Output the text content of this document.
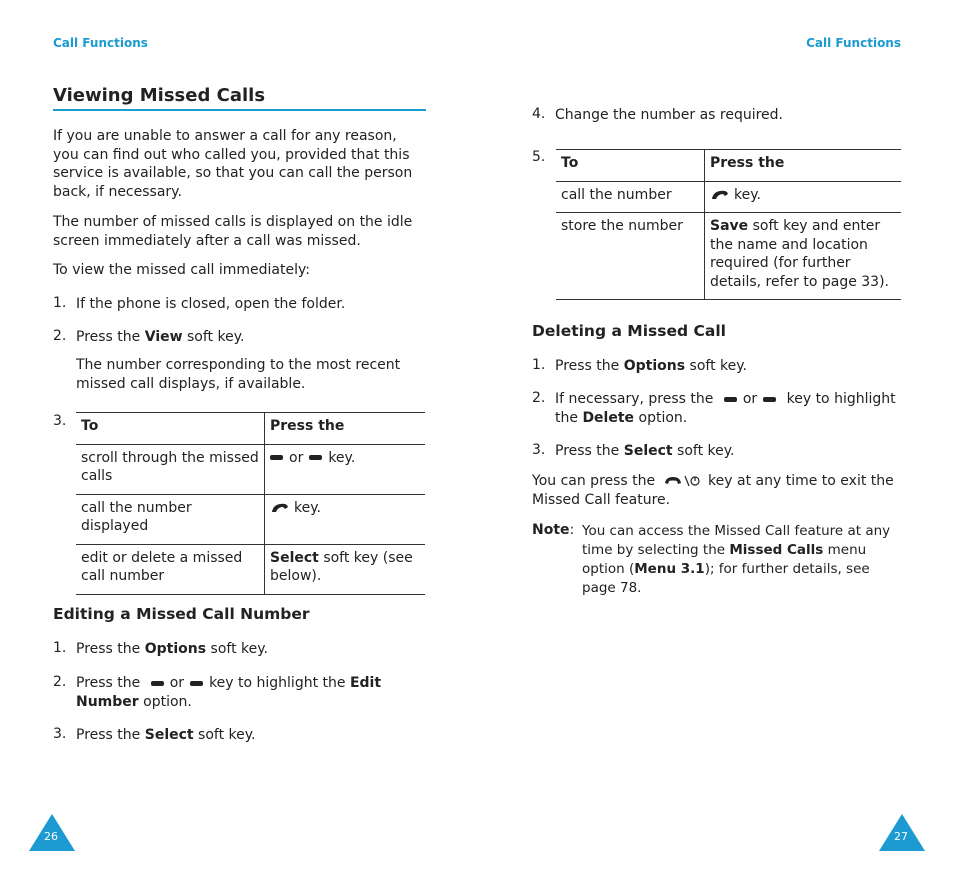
Call Functions	Call Functions
Viewing Missed Calls
If you are unable to answer a call for any reason, you can find out who called you, provided that this service is available, so that you can call the person back, if necessary.
The number of missed calls is displayed on the idle screen immediately after a call was missed.
To view the missed call immediately:
1. If the phone is closed, open the folder.
2. Press the View soft key.
The number corresponding to the most recent missed call displays, if available.
3. To	Press the
scroll through the missed calls	or key.
call the number displayed	key.
edit or delete a missed call number	Select soft key (see below).
Editing a Missed Call Number
1. Press the Options soft key.
2. Press the or key to highlight the Edit
Number option.
3. Press the Select soft key.
26
4. Change the number as required.
5. To	Press the
call the number	key.
store the number	Save soft key and enter the name and location required (for further details, refer to page 33).
Deleting a Missed Call
1. Press the Options soft key.
2. If necessary, press the or key to highlight
the Delete option.
3. Press the Select soft key.
You can press the	key at any time to exit the
Missed Call feature.
Note: You can access the Missed Call feature at any time by selecting the Missed Calls menu option (Menu 3.1); for further details, see page 78.
27
